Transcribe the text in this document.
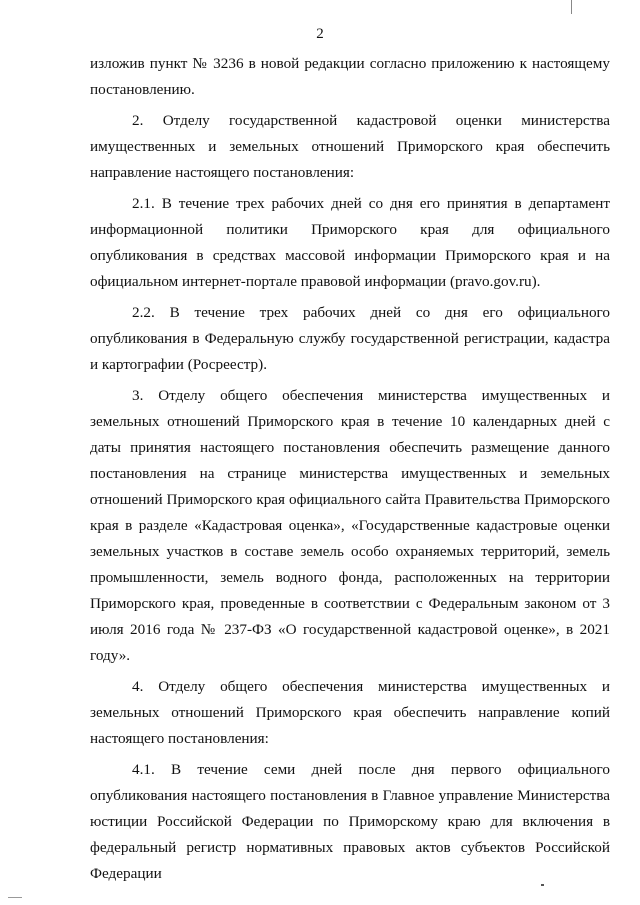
2

изложив пункт № 3236 в новой редакции согласно приложению к настоящему постановлению.

2. Отделу государственной кадастровой оценки министерства имущественных и земельных отношений Приморского края обеспечить направление настоящего постановления:

2.1. В течение трех рабочих дней со дня его принятия в департамент информационной политики Приморского края для официального опубликования в средствах массовой информации Приморского края и на официальном интернет-портале правовой информации (pravo.gov.ru).

2.2. В течение трех рабочих дней со дня его официального опубликования в Федеральную службу государственной регистрации, кадастра и картографии (Росреестр).

3. Отделу общего обеспечения министерства имущественных и земельных отношений Приморского края в течение 10 календарных дней с даты принятия настоящего постановления обеспечить размещение данного постановления на странице министерства имущественных и земельных отношений Приморского края официального сайта Правительства Приморского края в разделе «Кадастровая оценка», «Государственные кадастровые оценки земельных участков в составе земель особо охраняемых территорий, земель промышленности, земель водного фонда, расположенных на территории Приморского края, проведенные в соответствии с Федеральным законом от 3 июля 2016 года № 237-ФЗ «О государственной кадастровой оценке», в 2021 году».

4. Отделу общего обеспечения министерства имущественных и земельных отношений Приморского края обеспечить направление копий настоящего постановления:

4.1. В течение семи дней после дня первого официального опубликования настоящего постановления в Главное управление Министерства юстиции Российской Федерации по Приморскому краю для включения в федеральный регистр нормативных правовых актов субъектов Российской Федерации
